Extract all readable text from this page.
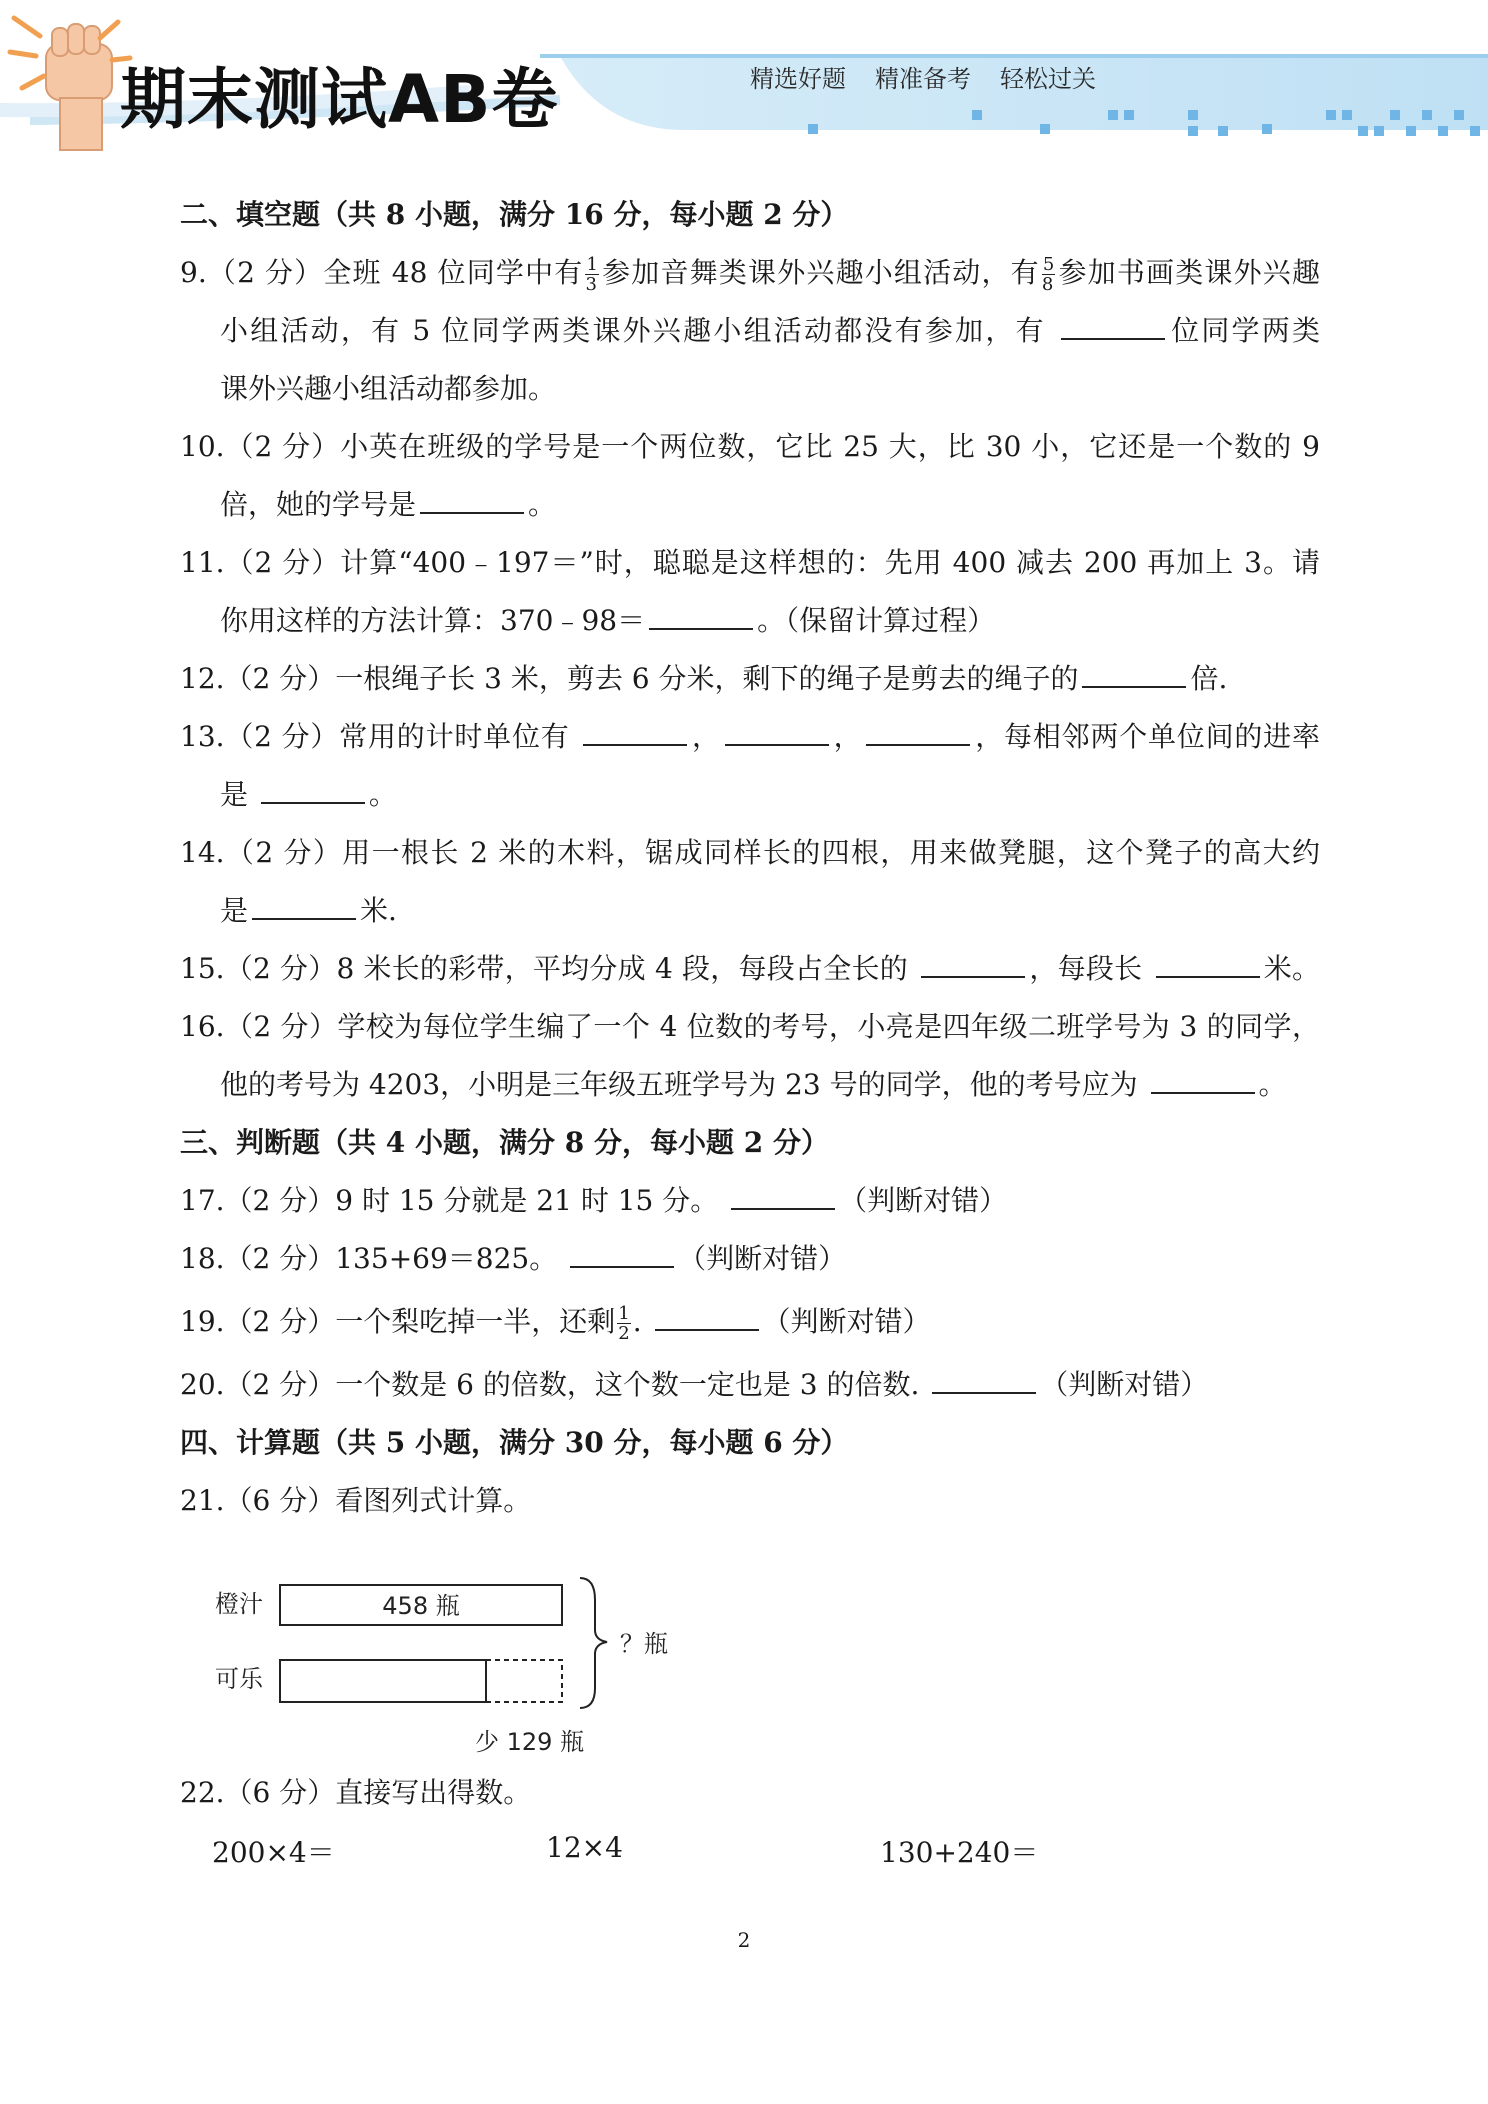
期末测试AB卷	精选好题 精准备考 轻松过关
二、填空题（共 8 小题，满分 16 分，每小题 2 分）
9.（2 分）全班 48 位同学中有 $\frac{1}{3}$ 参加音舞类课外兴趣小组活动，有 $\frac{5}{8}$ 参加书画类课外兴趣
小组活动，有 5 位同学两类课外兴趣小组活动都没有参加，有	位同学两类
课外兴趣小组活动都参加。
10.（2 分）小英在班级的学号是一个两位数，它比 25 大，比 30 小，它还是一个数的 9
倍，她的学号是	。
11.（2 分）计算“400﹣197＝”时，聪聪是这样想的：先用 400 减去 200 再加上 3。请
你用这样的方法计算：370﹣98＝	。（保留计算过程）
12.（2 分）一根绳子长 3 米，剪去 6 分米，剩下的绳子是剪去的绳子的	倍.
13.（2 分）常用的计时单位有	，	，	，每相邻两个单位间的进率
是	。
14.（2 分）用一根长 2 米的木料，锯成同样长的四根，用来做凳腿，这个凳子的高大约
是	米.
15.（2 分）8 米长的彩带，平均分成 4 段，每段占全长的	，每段长	米。
16.（2 分）学校为每位学生编了一个 4 位数的考号，小亮是四年级二班学号为 3 的同学，
他的考号为 4203，小明是三年级五班学号为 23 号的同学，他的考号应为	。
三、判断题（共 4 小题，满分 8 分，每小题 2 分）
17.（2 分）9 时 15 分就是 21 时 15 分。	（判断对错）
18.（2 分）135+69＝825。	（判断对错）
19.（2 分）一个梨吃掉一半，还剩 $\frac{1}{2}$ .	（判断对错）
20.（2 分）一个数是 6 的倍数，这个数一定也是 3 的倍数.	（判断对错）
四、计算题（共 5 小题，满分 30 分，每小题 6 分）
21.（6 分）看图列式计算。
橙汁	458 瓶
可乐
？瓶
少 129 瓶
22.（6 分）直接写出得数。
200×4＝	12×4	130+240＝
2
